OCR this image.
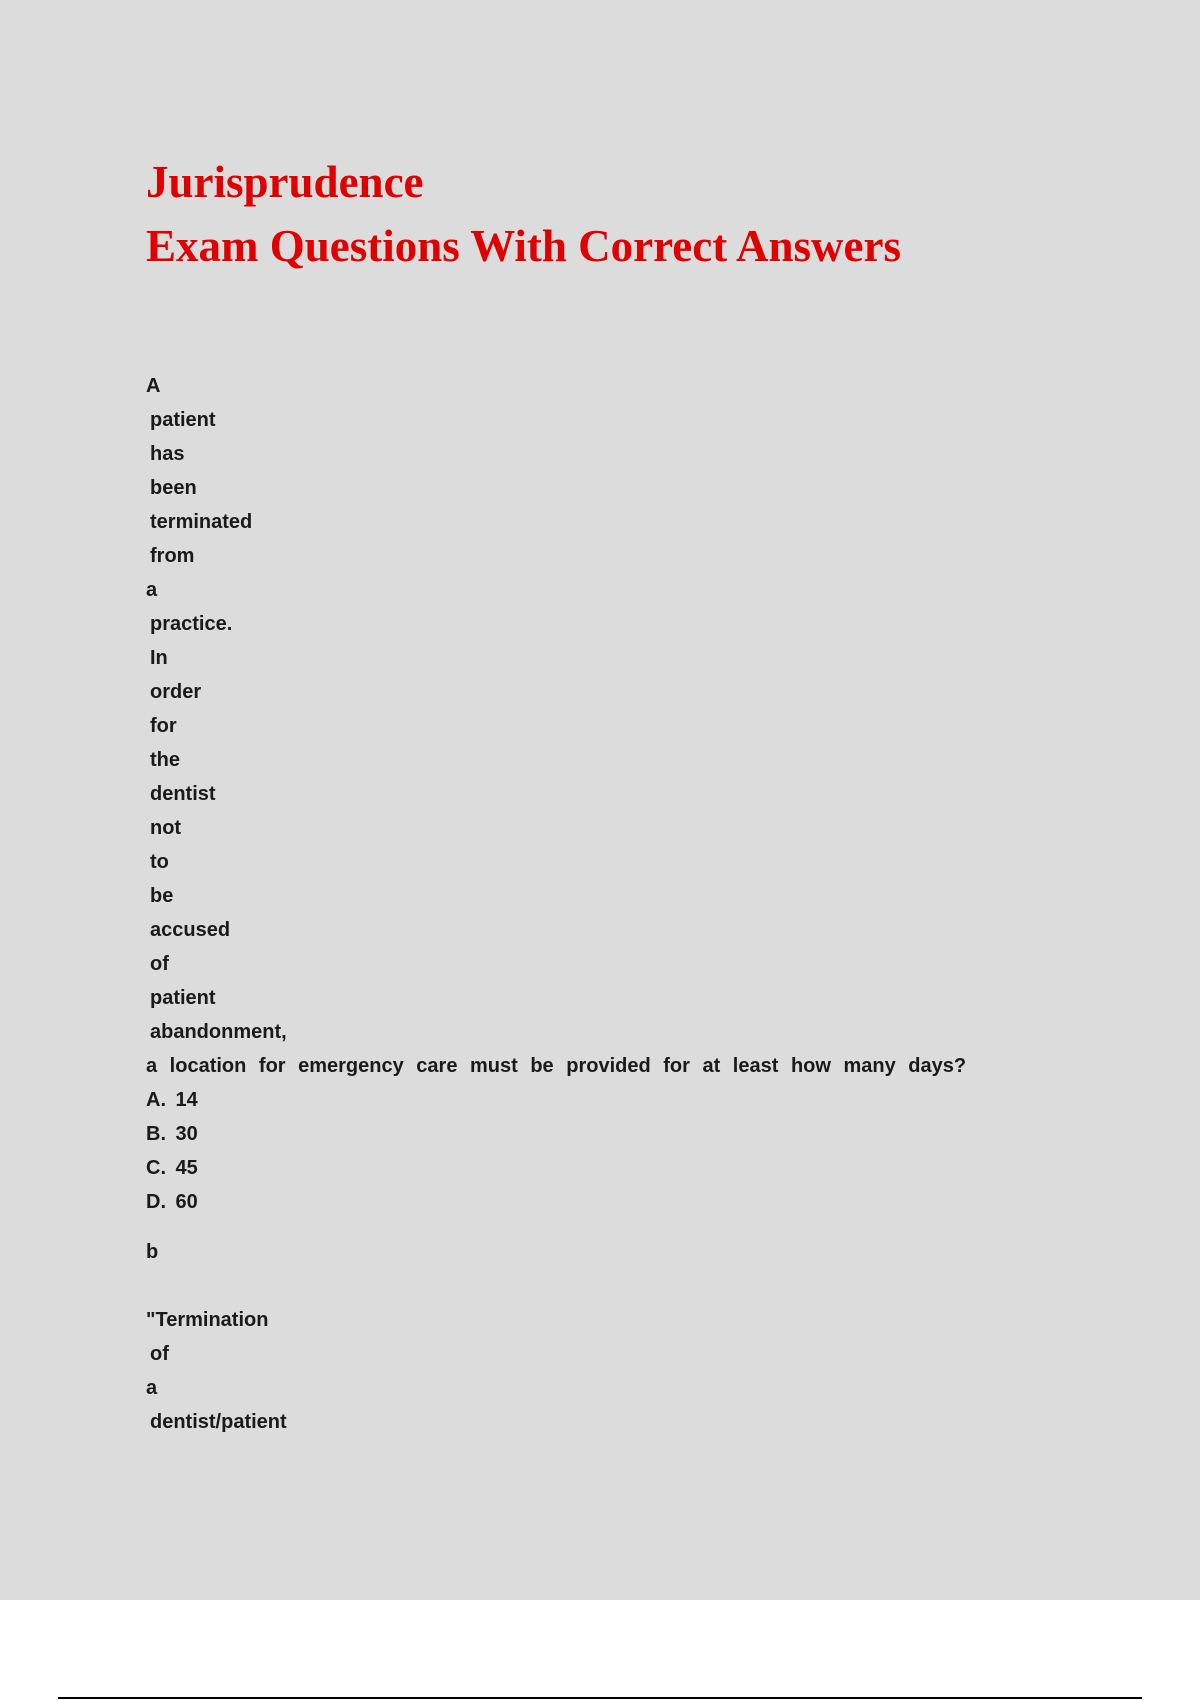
Jurisprudence
Exam Questions With Correct Answers
A
patient
has
been
terminated
from
a
practice.
In
order
for
the
dentist
not
to
be
accused
of
patient
abandonment,
a location for emergency care must be provided for at least how many days?
A. 14
B. 30
C. 45
D. 60
b
"Termination
of
a
dentist/patient
